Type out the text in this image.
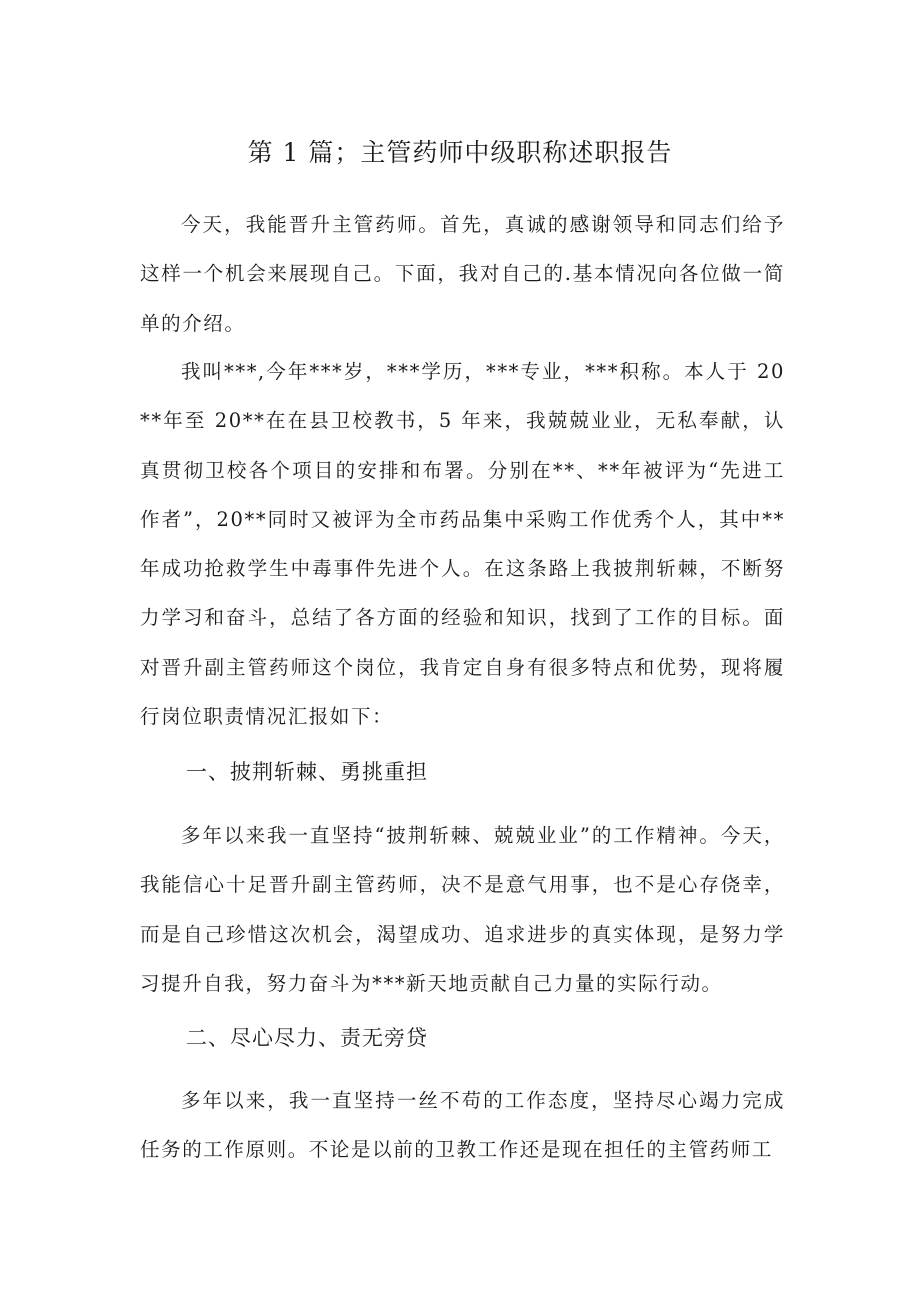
第 1 篇；主管药师中级职称述职报告

今天，我能晋升主管药师。首先，真诚的感谢领导和同志们给予这样一个机会来展现自己。下面，我对自己的.基本情况向各位做一简单的介绍。

我叫***,今年***岁，***学历，***专业，***积称。本人于 20**年至 20**在在县卫校教书，5 年来，我兢兢业业，无私奉献，认真贯彻卫校各个项目的安排和布署。分别在**、**年被评为“先进工作者”，20**同时又被评为全市药品集中采购工作优秀个人，其中**年成功抢救学生中毒事件先进个人。在这条路上我披荆斩棘，不断努力学习和奋斗，总结了各方面的经验和知识，找到了工作的目标。面对晋升副主管药师这个岗位，我肯定自身有很多特点和优势，现将履行岗位职责情况汇报如下：

一、披荆斩棘、勇挑重担

多年以来我一直坚持“披荆斩棘、兢兢业业”的工作精神。今天，我能信心十足晋升副主管药师，决不是意气用事，也不是心存侥幸，而是自己珍惜这次机会，渴望成功、追求进步的真实体现，是努力学习提升自我，努力奋斗为***新天地贡献自己力量的实际行动。

二、尽心尽力、责无旁贷

多年以来，我一直坚持一丝不苟的工作态度，坚持尽心竭力完成任务的工作原则。不论是以前的卫教工作还是现在担任的主管药师工
